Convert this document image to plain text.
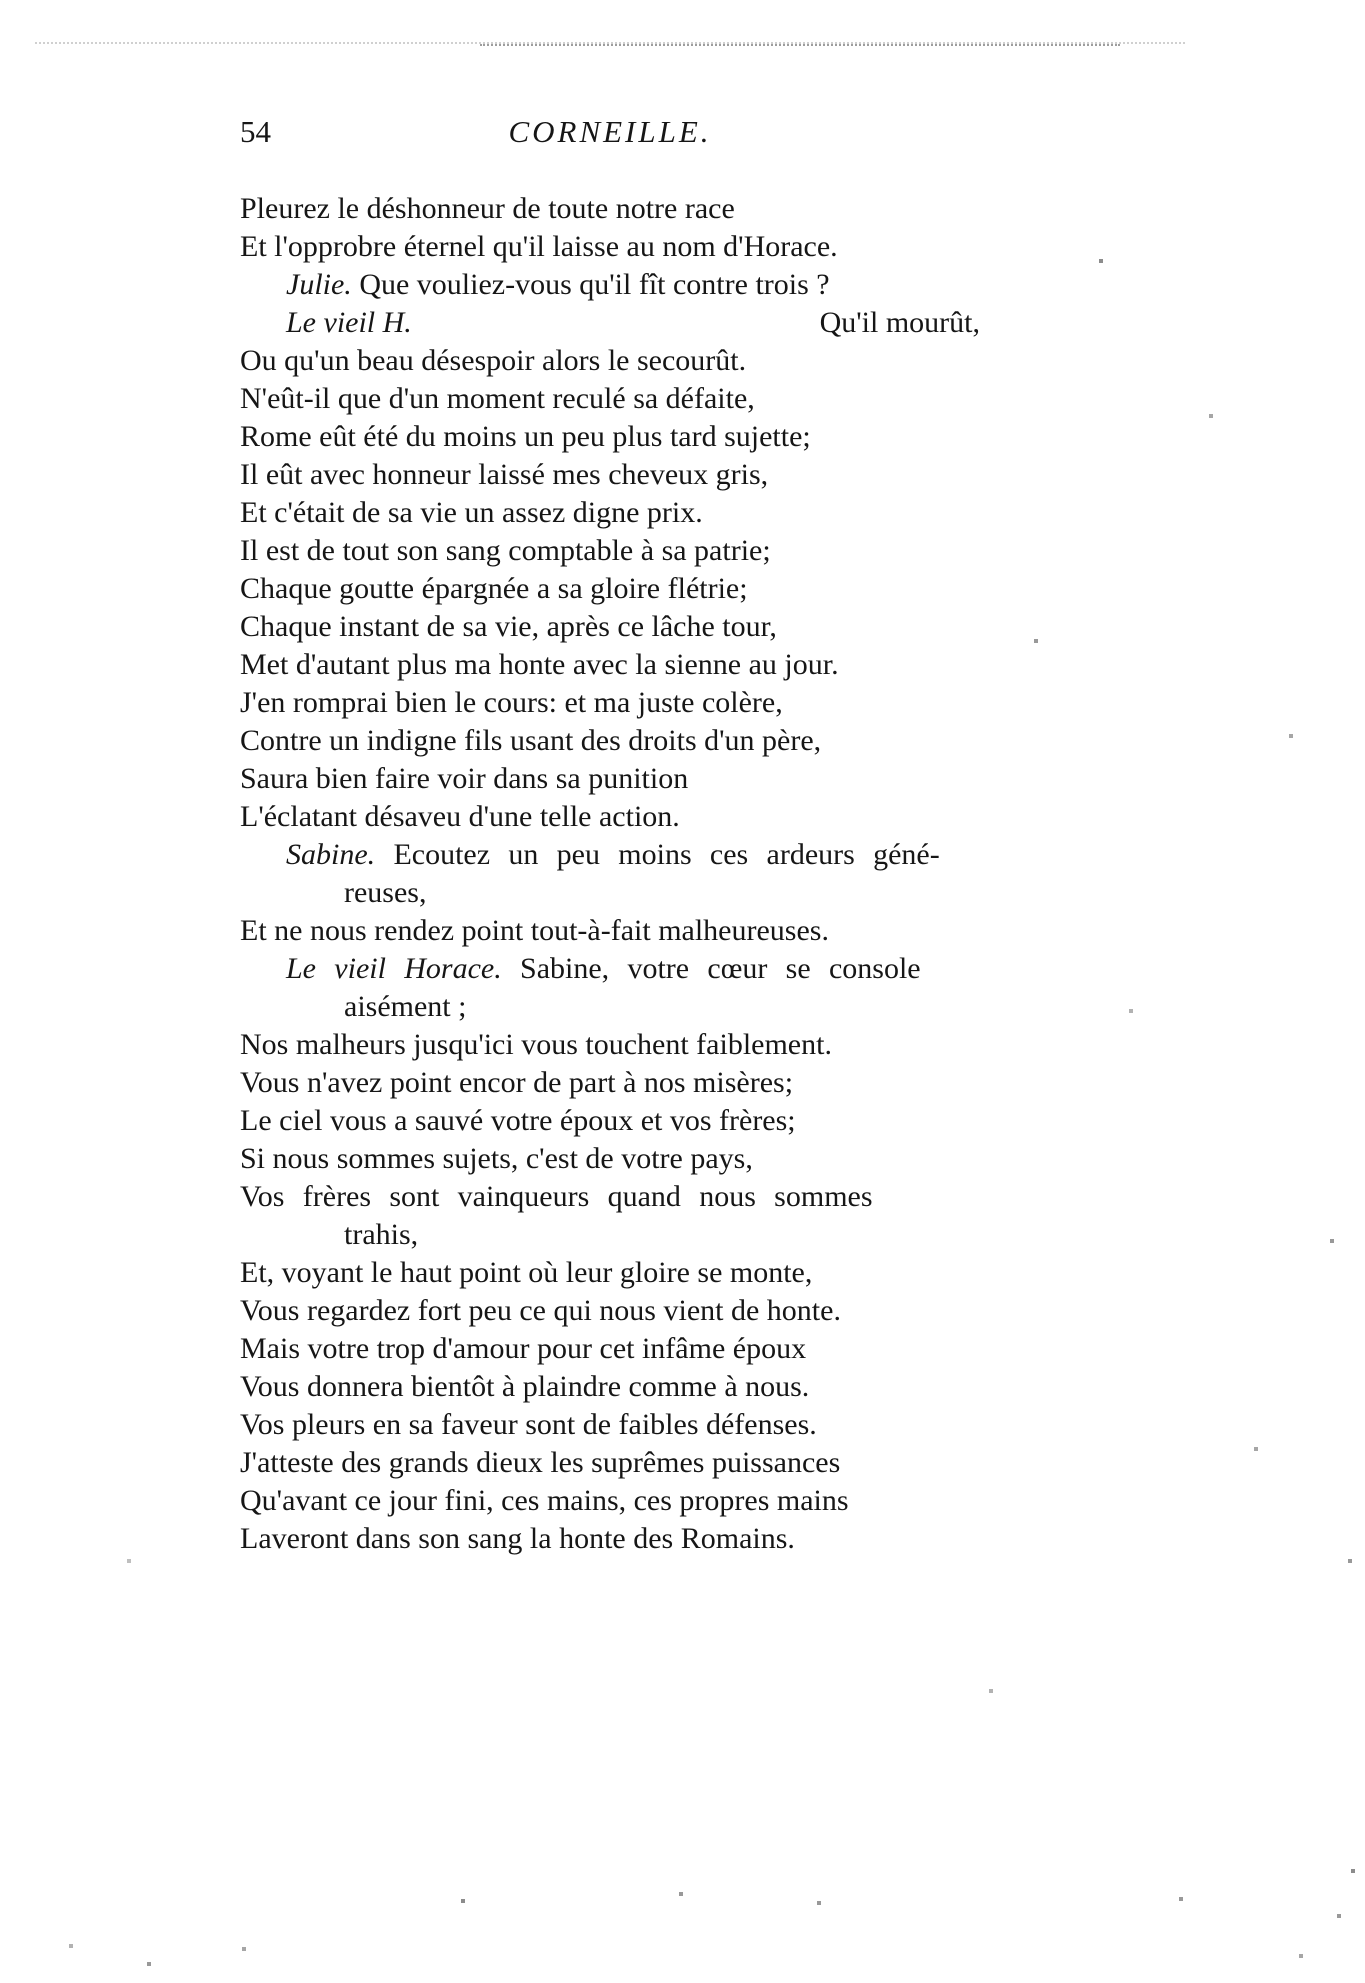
54	CORNEILLE.
Pleurez le déshonneur de toute notre race
Et l'opprobre éternel qu'il laisse au nom d'Horace.
Julie. Que vouliez-vous qu'il fît contre trois ?
Le vieil H.	Qu'il mourût,
Ou qu'un beau désespoir alors le secourût.
N'eût-il que d'un moment reculé sa défaite,
Rome eût été du moins un peu plus tard sujette;
Il eût avec honneur laissé mes cheveux gris,
Et c'était de sa vie un assez digne prix.
Il est de tout son sang comptable à sa patrie;
Chaque goutte épargnée a sa gloire flétrie;
Chaque instant de sa vie, après ce lâche tour,
Met d'autant plus ma honte avec la sienne au jour.
J'en romprai bien le cours: et ma juste colère,
Contre un indigne fils usant des droits d'un père,
Saura bien faire voir dans sa punition
L'éclatant désaveu d'une telle action.
Sabine. Ecoutez un peu moins ces ardeurs géné-
reuses,
Et ne nous rendez point tout-à-fait malheureuses.
Le vieil Horace. Sabine, votre cœur se console
aisément ;
Nos malheurs jusqu'ici vous touchent faiblement.
Vous n'avez point encor de part à nos misères;
Le ciel vous a sauvé votre époux et vos frères;
Si nous sommes sujets, c'est de votre pays,
Vos frères sont vainqueurs quand nous sommes
trahis,
Et, voyant le haut point où leur gloire se monte,
Vous regardez fort peu ce qui nous vient de honte.
Mais votre trop d'amour pour cet infâme époux
Vous donnera bientôt à plaindre comme à nous.
Vos pleurs en sa faveur sont de faibles défenses.
J'atteste des grands dieux les suprêmes puissances
Qu'avant ce jour fini, ces mains, ces propres mains
Laveront dans son sang la honte des Romains.
